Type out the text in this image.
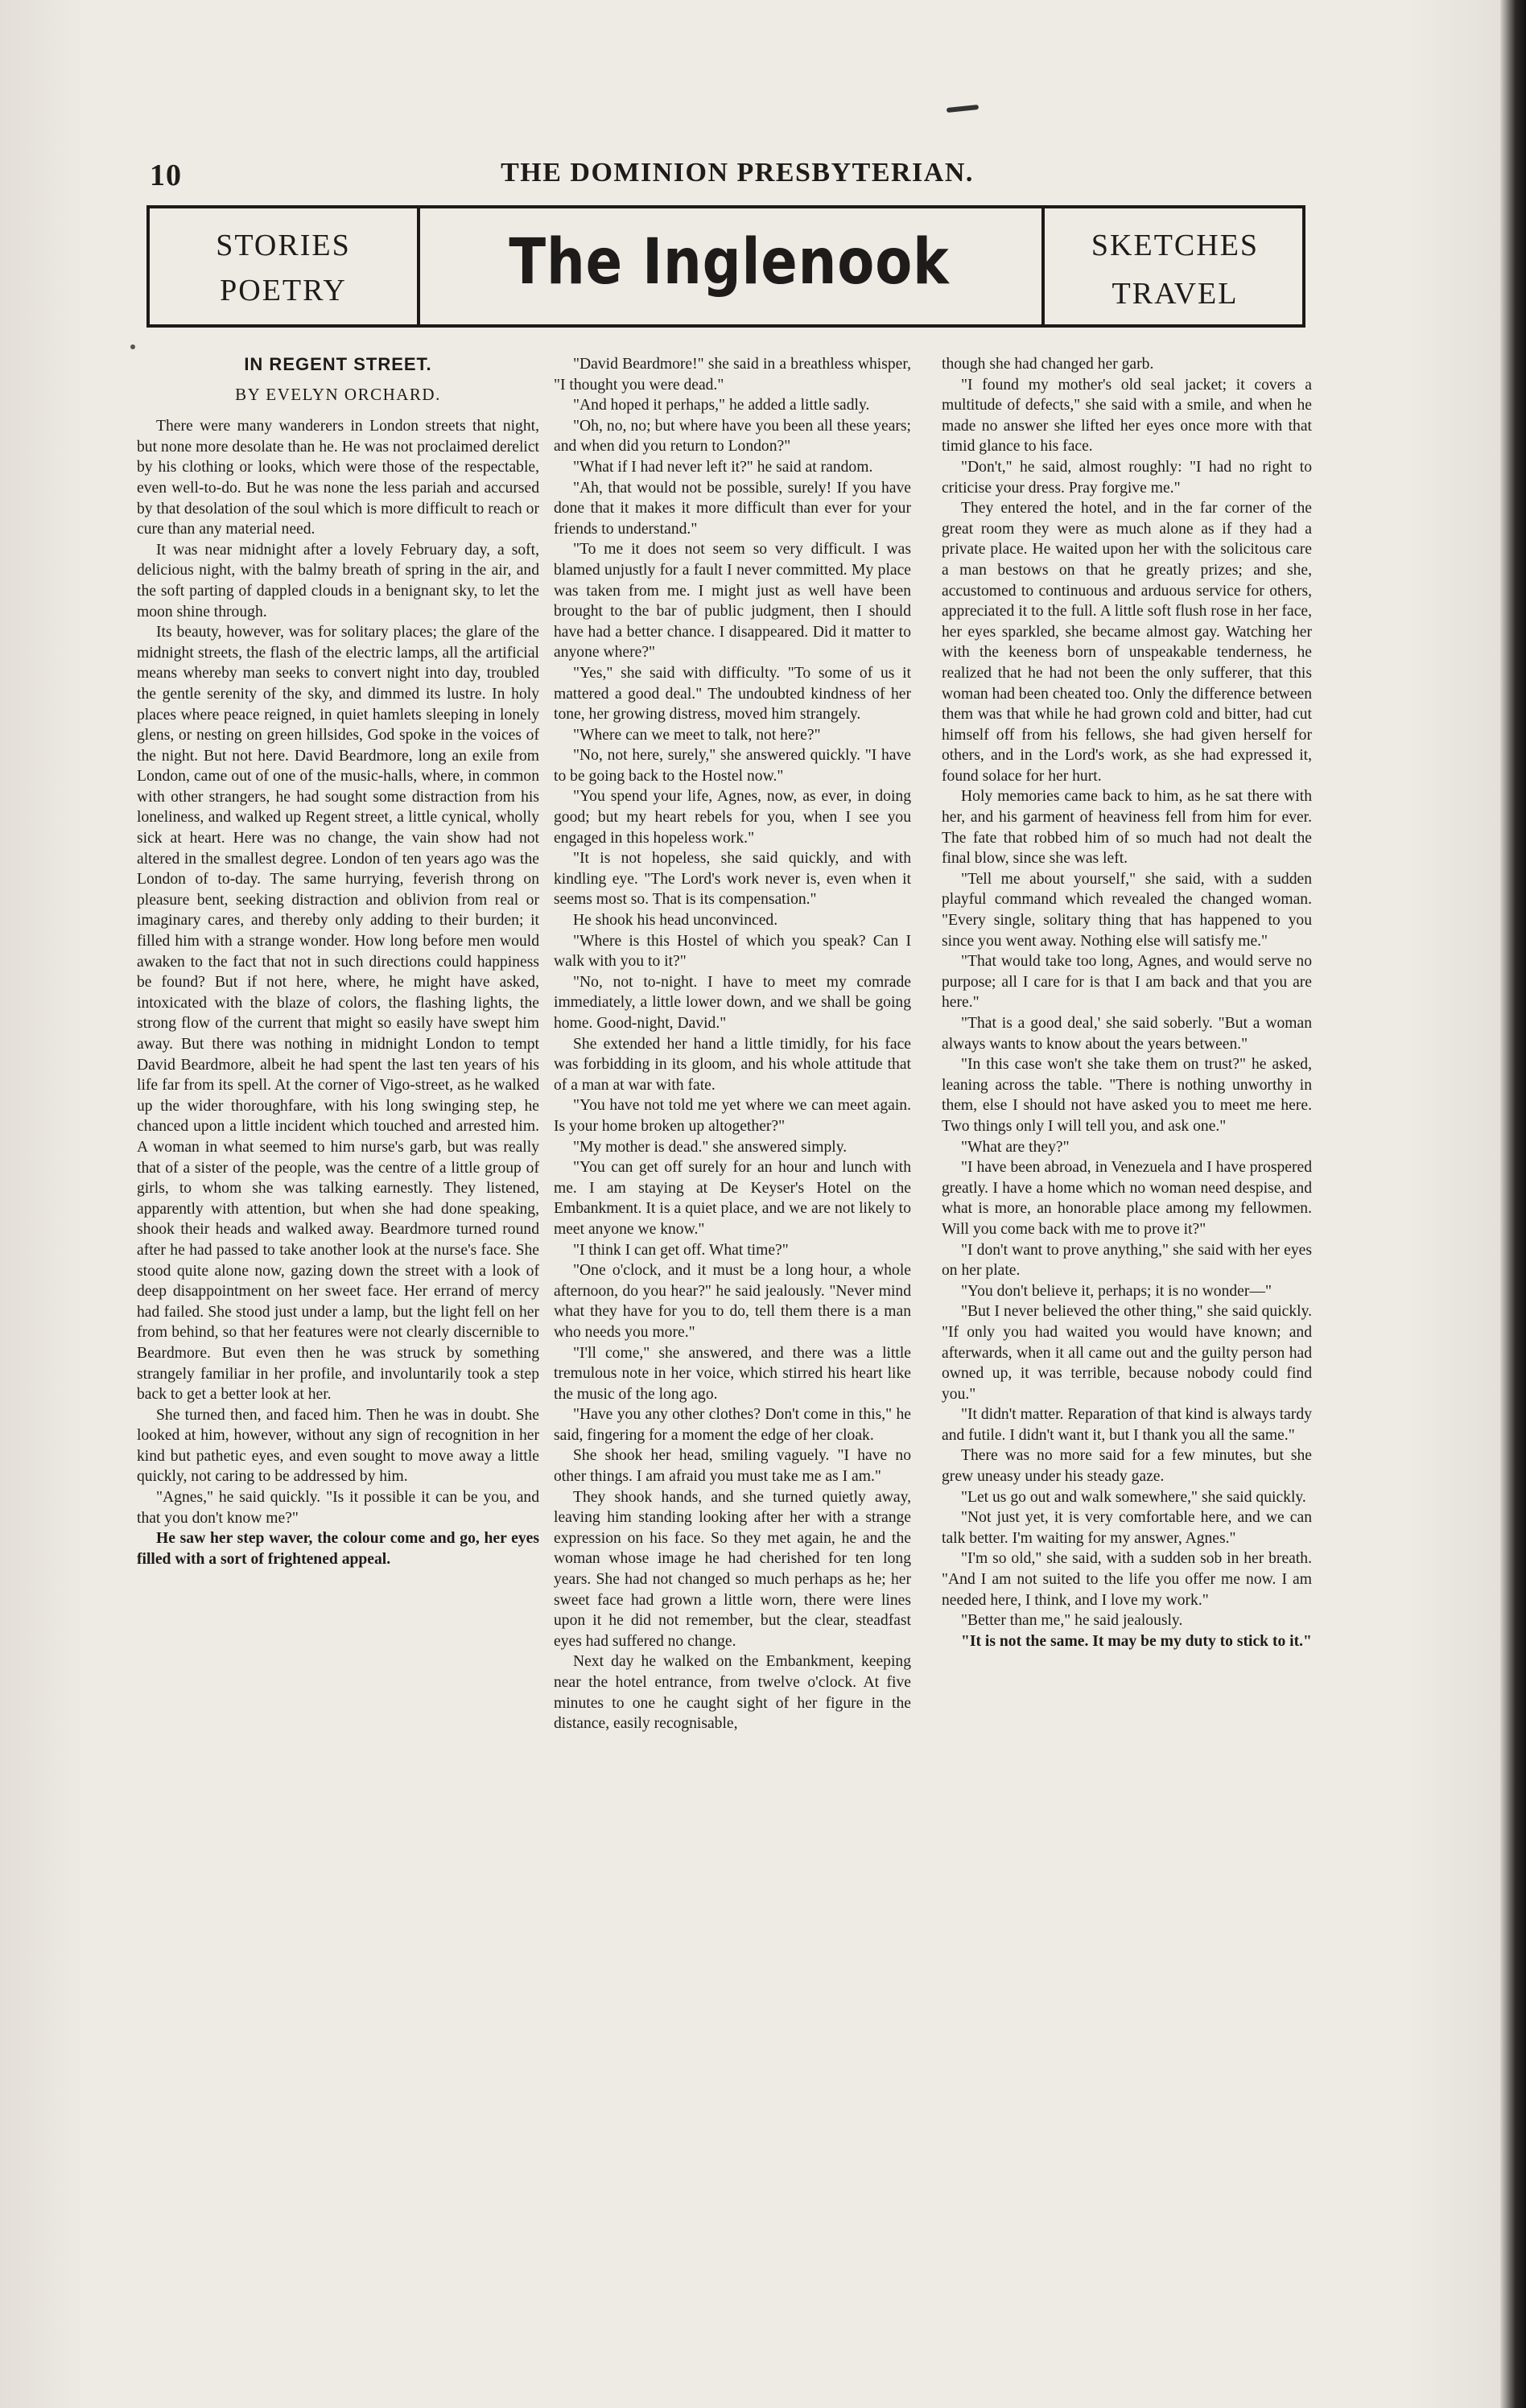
10	THE DOMINION PRESBYTERIAN.
STORIES
POETRY	The Inglenook	SKETCHES
TRAVEL
IN REGENT STREET.
BY EVELYN ORCHARD.

There were many wanderers in London streets that night, but none more desolate than he. He was not proclaimed derelict by his clothing or looks, which were those of the respectable, even well-to-do. But he was none the less pariah and accursed by that desolation of the soul which is more difficult to reach or cure than any material need.

It was near midnight after a lovely February day, a soft, delicious night, with the balmy breath of spring in the air, and the soft parting of dappled clouds in a benignant sky, to let the moon shine through.

Its beauty, however, was for solitary places; the glare of the midnight streets, the flash of the electric lamps, all the artificial means whereby man seeks to convert night into day, troubled the gentle serenity of the sky, and dimmed its lustre. In holy places where peace reigned, in quiet hamlets sleeping in lonely glens, or nesting on green hillsides, God spoke in the voices of the night. But not here. David Beardmore, long an exile from London, came out of one of the music-halls, where, in common with other strangers, he had sought some distraction from his loneliness, and walked up Regent street, a little cynical, wholly sick at heart. Here was no change, the vain show had not altered in the smallest degree. London of ten years ago was the London of to-day. The same hurrying, feverish throng on pleasure bent, seeking distraction and oblivion from real or imaginary cares, and thereby only adding to their burden; it filled him with a strange wonder. How long before men would awaken to the fact that not in such directions could happiness be found? But if not here, where, he might have asked, intoxicated with the blaze of colors, the flashing lights, the strong flow of the current that might so easily have swept him away. But there was nothing in midnight London to tempt David Beardmore, albeit he had spent the last ten years of his life far from its spell. At the corner of Vigo-street, as he walked up the wider thoroughfare, with his long swinging step, he chanced upon a little incident which touched and arrested him. A woman in what seemed to him nurse's garb, but was really that of a sister of the people, was the centre of a little group of girls, to whom she was talking earnestly. They listened, apparently with attention, but when she had done speaking, shook their heads and walked away. Beardmore turned round after he had passed to take another look at the nurse's face. She stood quite alone now, gazing down the street with a look of deep disappointment on her sweet face. Her errand of mercy had failed. She stood just under a lamp, but the light fell on her from behind, so that her features were not clearly discernible to Beardmore. But even then he was struck by something strangely familiar in her profile, and involuntarily took a step back to get a better look at her.

She turned then, and faced him. Then he was in doubt. She looked at him, however, without any sign of recognition in her kind but pathetic eyes, and even sought to move away a little quickly, not caring to be addressed by him.

"Agnes," he said quickly. "Is it possible it can be you, and that you don't know me?"

He saw her step waver, the colour come and go, her eyes filled with a sort of frightened appeal.

"David Beardmore!" she said in a breathless whisper, "I thought you were dead."

"And hoped it perhaps," he added a little sadly.

"Oh, no, no; but where have you been all these years; and when did you return to London?"

"What if I had never left it?" he said at random.

"Ah, that would not be possible, surely! If you have done that it makes it more difficult than ever for your friends to understand."

"To me it does not seem so very difficult. I was blamed unjustly for a fault I never committed. My place was taken from me. I might just as well have been brought to the bar of public judgment, then I should have had a better chance. I disappeared. Did it matter to anyone where?"

"Yes," she said with difficulty. "To some of us it mattered a good deal." The undoubted kindness of her tone, her growing distress, moved him strangely.

"Where can we meet to talk, not here?"

"No, not here, surely," she answered quickly. "I have to be going back to the Hostel now."

"You spend your life, Agnes, now, as ever, in doing good; but my heart rebels for you, when I see you engaged in this hopeless work."

"It is not hopeless, she said quickly, and with kindling eye. "The Lord's work never is, even when it seems most so. That is its compensation."

He shook his head unconvinced.

"Where is this Hostel of which you speak? Can I walk with you to it?"

"No, not to-night. I have to meet my comrade immediately, a little lower down, and we shall be going home. Good-night, David."

She extended her hand a little timidly, for his face was forbidding in its gloom, and his whole attitude that of a man at war with fate.

"You have not told me yet where we can meet again. Is your home broken up altogether?"

"My mother is dead." she answered simply.

"You can get off surely for an hour and lunch with me. I am staying at De Keyser's Hotel on the Embankment. It is a quiet place, and we are not likely to meet anyone we know."

"I think I can get off. What time?"

"One o'clock, and it must be a long hour, a whole afternoon, do you hear?" he said jealously. "Never mind what they have for you to do, tell them there is a man who needs you more."

"I'll come," she answered, and there was a little tremulous note in her voice, which stirred his heart like the music of the long ago.

"Have you any other clothes? Don't come in this," he said, fingering for a moment the edge of her cloak.

She shook her head, smiling vaguely. "I have no other things. I am afraid you must take me as I am."

They shook hands, and she turned quietly away, leaving him standing looking after her with a strange expression on his face. So they met again, he and the woman whose image he had cherished for ten long years. She had not changed so much perhaps as he; her sweet face had grown a little worn, there were lines upon it he did not remember, but the clear, steadfast eyes had suffered no change.

Next day he walked on the Embankment, keeping near the hotel entrance, from twelve o'clock. At five minutes to one he caught sight of her figure in the distance, easily recognisable,

though she had changed her garb.

"I found my mother's old seal jacket; it covers a multitude of defects," she said with a smile, and when he made no answer she lifted her eyes once more with that timid glance to his face.

"Don't," he said, almost roughly: "I had no right to criticise your dress. Pray forgive me."

They entered the hotel, and in the far corner of the great room they were as much alone as if they had a private place. He waited upon her with the solicitous care a man bestows on that he greatly prizes; and she, accustomed to continuous and arduous service for others, appreciated it to the full. A little soft flush rose in her face, her eyes sparkled, she became almost gay. Watching her with the keeness born of unspeakable tenderness, he realized that he had not been the only sufferer, that this woman had been cheated too. Only the difference between them was that while he had grown cold and bitter, had cut himself off from his fellows, she had given herself for others, and in the Lord's work, as she had expressed it, found solace for her hurt.

Holy memories came back to him, as he sat there with her, and his garment of heaviness fell from him for ever. The fate that robbed him of so much had not dealt the final blow, since she was left.

"Tell me about yourself," she said, with a sudden playful command which revealed the changed woman. "Every single, solitary thing that has happened to you since you went away. Nothing else will satisfy me."

"That would take too long, Agnes, and would serve no purpose; all I care for is that I am back and that you are here."

"That is a good deal,' she said soberly. "But a woman always wants to know about the years between."

"In this case won't she take them on trust?" he asked, leaning across the table. "There is nothing unworthy in them, else I should not have asked you to meet me here. Two things only I will tell you, and ask one."

"What are they?"

"I have been abroad, in Venezuela and I have prospered greatly. I have a home which no woman need despise, and what is more, an honorable place among my fellowmen. Will you come back with me to prove it?"

"I don't want to prove anything," she said with her eyes on her plate.

"You don't believe it, perhaps; it is no wonder—"

"But I never believed the other thing," she said quickly. "If only you had waited you would have known; and afterwards, when it all came out and the guilty person had owned up, it was terrible, because nobody could find you."

"It didn't matter. Reparation of that kind is always tardy and futile. I didn't want it, but I thank you all the same."

There was no more said for a few minutes, but she grew uneasy under his steady gaze.

"Let us go out and walk somewhere," she said quickly.

"Not just yet, it is very comfortable here, and we can talk better. I'm waiting for my answer, Agnes."

"I'm so old," she said, with a sudden sob in her breath. "And I am not suited to the life you offer me now. I am needed here, I think, and I love my work."

"Better than me," he said jealously.

"It is not the same. It may be my duty to stick to it."
